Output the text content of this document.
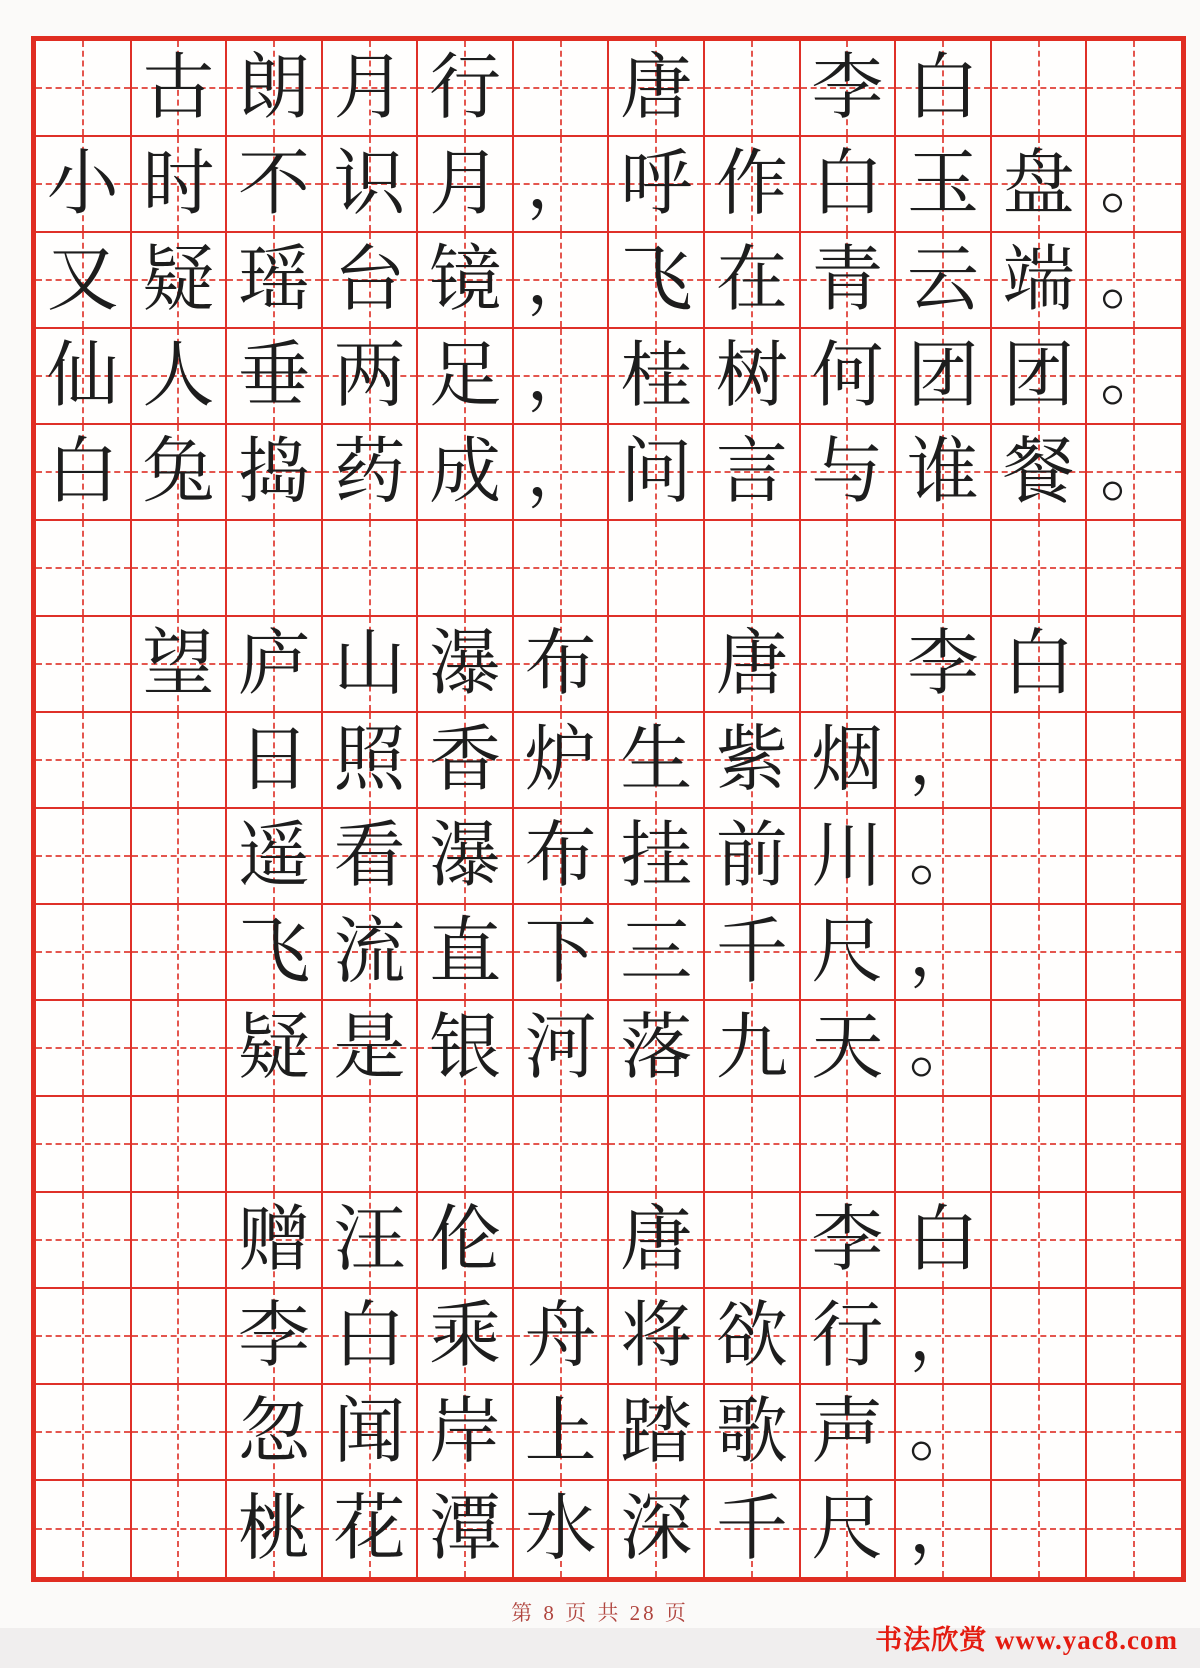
古 朗 月 行 唐 李 白
小 时 不 识 月 ， 呼 作 白 玉 盘 。
又 疑 瑶 台 镜 ， 飞 在 青 云 端 。
仙 人 垂 两 足 ， 桂 树 何 团 团 。
白 兔 捣 药 成 ， 问 言 与 谁 餐 。
望 庐 山 瀑 布 唐 李 白
日 照 香 炉 生 紫 烟 ，
遥 看 瀑 布 挂 前 川 。
飞 流 直 下 三 千 尺 ，
疑 是 银 河 落 九 天 。
赠 汪 伦 唐 李 白
李 白 乘 舟 将 欲 行 ，
忽 闻 岸 上 踏 歌 声 。
桃 花 潭 水 深 千 尺 ，
第 8 页 共 28 页
书法欣赏 www.yac8.com
